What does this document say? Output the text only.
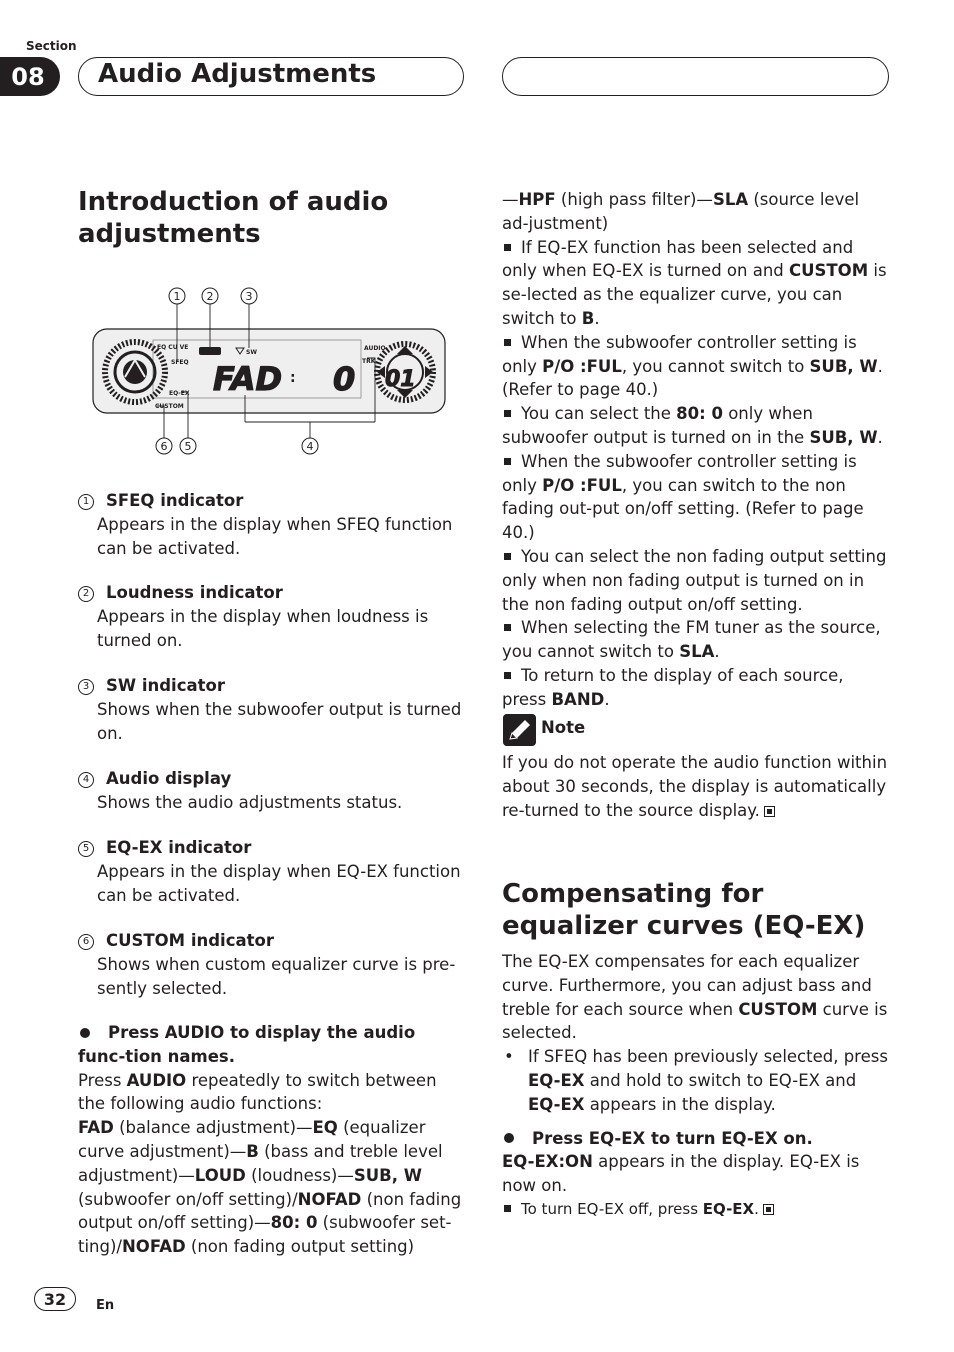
Section
08	Audio Adjustments
Introduction of audio adjustments
1 2	3
6 5	4
EQ CU VE
SFEQ
EQ-EX
CUSTOM
SW
AUDIO
TRK
FAD : 0 01
1 SFEQ indicator
Appears in the display when SFEQ function can be activated.
2 Loudness indicator
Appears in the display when loudness is turned on.
3 SW indicator
Shows when the subwoofer output is turned on.
4 Audio display
Shows the audio adjustments status.
5 EQ-EX indicator
Appears in the display when EQ-EX function can be activated.
6 CUSTOM indicator
Shows when custom equalizer curve is pre-sently selected.
Press AUDIO to display the audio func-tion names.
Press AUDIO repeatedly to switch between the following audio functions:
FAD (balance adjustment)—EQ (equalizer curve adjustment)—B (bass and treble level adjustment)—LOUD (loudness)—SUB, W (subwoofer on/off setting)/NOFAD (non fading output on/off setting)—80: 0 (subwoofer set-ting)/NOFAD (non fading output setting)
—HPF (high pass filter)—SLA (source level ad-justment)
If EQ-EX function has been selected and only when EQ-EX is turned on and CUSTOM is se-lected as the equalizer curve, you can switch to B.
When the subwoofer controller setting is only P/O :FUL, you cannot switch to SUB, W. (Refer to page 40.)
You can select the 80: 0 only when subwoofer output is turned on in the SUB, W.
When the subwoofer controller setting is only P/O :FUL, you can switch to the non fading out-put on/off setting. (Refer to page 40.)
You can select the non fading output setting only when non fading output is turned on in the non fading output on/off setting.
When selecting the FM tuner as the source, you cannot switch to SLA.
To return to the display of each source, press BAND.
Note
If you do not operate the audio function within about 30 seconds, the display is automatically re-turned to the source display.
Compensating for equalizer curves (EQ-EX)
The EQ-EX compensates for each equalizer curve. Furthermore, you can adjust bass and treble for each source when CUSTOM curve is selected.
• If SFEQ has been previously selected, press EQ-EX and hold to switch to EQ-EX and EQ-EX appears in the display.
Press EQ-EX to turn EQ-EX on.
EQ-EX:ON appears in the display. EQ-EX is now on.
To turn EQ-EX off, press EQ-EX.
32	En
